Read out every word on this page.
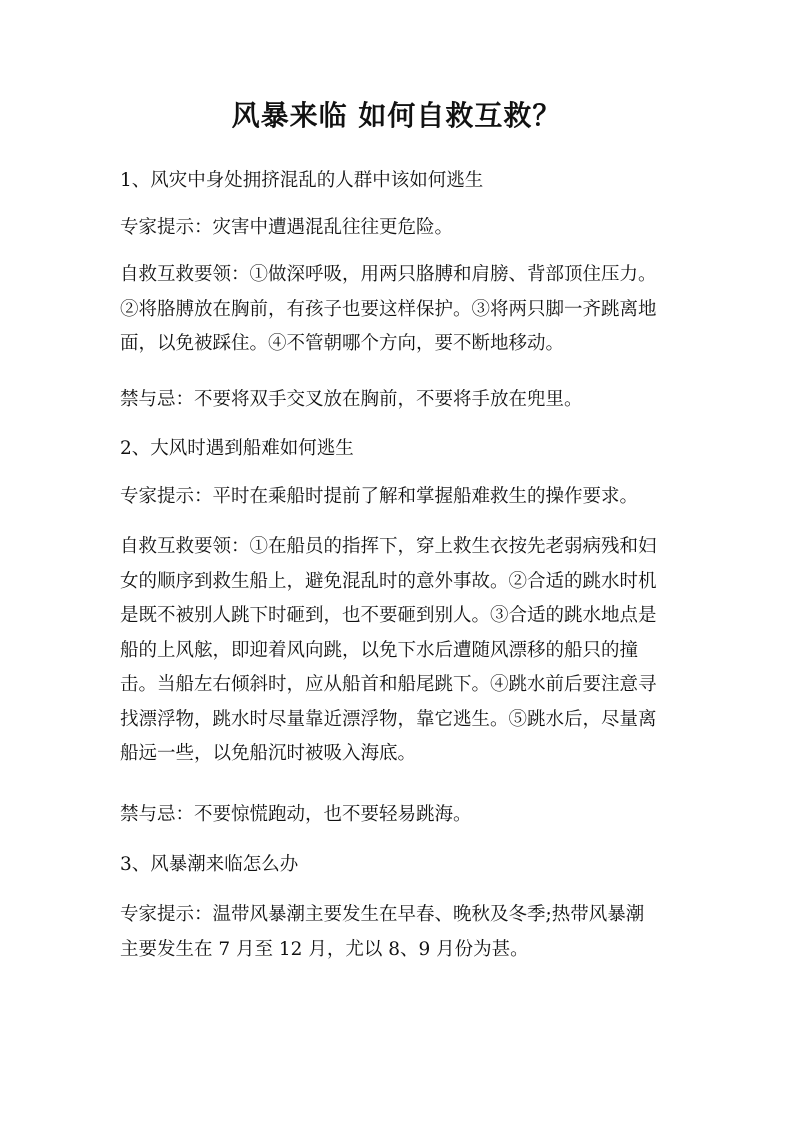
风暴来临 如何自救互救？
1、风灾中身处拥挤混乱的人群中该如何逃生
专家提示：灾害中遭遇混乱往往更危险。
自救互救要领：①做深呼吸，用两只胳膊和肩膀、背部顶住压力。
②将胳膊放在胸前，有孩子也要这样保护。③将两只脚一齐跳离地
面，以免被踩住。④不管朝哪个方向，要不断地移动。
禁与忌：不要将双手交叉放在胸前，不要将手放在兜里。
2、大风时遇到船难如何逃生
专家提示：平时在乘船时提前了解和掌握船难救生的操作要求。
自救互救要领：①在船员的指挥下，穿上救生衣按先老弱病残和妇
女的顺序到救生船上，避免混乱时的意外事故。②合适的跳水时机
是既不被别人跳下时砸到，也不要砸到别人。③合适的跳水地点是
船的上风舷，即迎着风向跳，以免下水后遭随风漂移的船只的撞
击。当船左右倾斜时，应从船首和船尾跳下。④跳水前后要注意寻
找漂浮物，跳水时尽量靠近漂浮物，靠它逃生。⑤跳水后，尽量离
船远一些，以免船沉时被吸入海底。
禁与忌：不要惊慌跑动，也不要轻易跳海。
3、风暴潮来临怎么办
专家提示：温带风暴潮主要发生在早春、晚秋及冬季;热带风暴潮
主要发生在 7 月至 12 月，尤以 8、9 月份为甚。
